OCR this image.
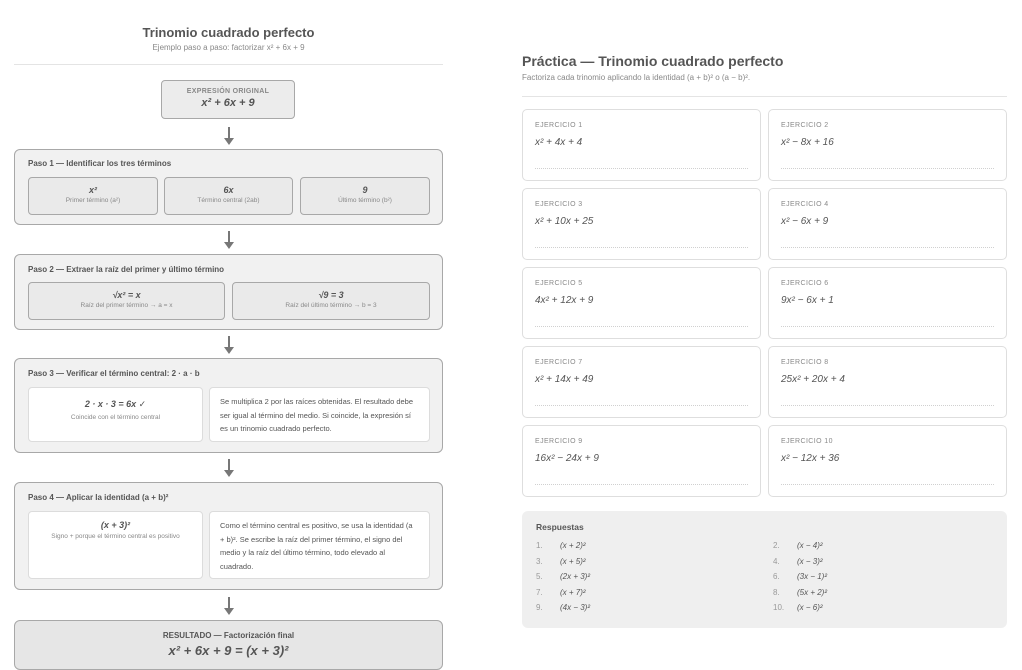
Trinomio cuadrado perfecto
Ejemplo paso a paso: factorizar x² + 6x + 9
EXPRESIÓN ORIGINAL
x² + 6x + 9
Paso 1 — Identificar los tres términos
x²
Primer término (a²)
6x
Término central (2ab)
9
Último término (b²)
Paso 2 — Extraer la raíz del primer y último término
√x² = x
Raíz del primer término → a = x
√9 = 3
Raíz del último término → b = 3
Paso 3 — Verificar el término central: 2 · a · b
2 · x · 3 = 6x ✓
Coincide con el término central
Se multiplica 2 por las raíces obtenidas. El resultado debe ser igual al término del medio. Si coincide, la expresión sí es un trinomio cuadrado perfecto.
Paso 4 — Aplicar la identidad (a + b)²
(x + 3)²
Signo + porque el término central es positivo
Como el término central es positivo, se usa la identidad (a + b)². Se escribe la raíz del primer término, el signo del medio y la raíz del último término, todo elevado al cuadrado.
RESULTADO — Factorización final
x² + 6x + 9 = (x + 3)²
Práctica — Trinomio cuadrado perfecto
Factoriza cada trinomio aplicando la identidad (a + b)² o (a − b)².
EJERCICIO 1
x² + 4x + 4
EJERCICIO 2
x² − 8x + 16
EJERCICIO 3
x² + 10x + 25
EJERCICIO 4
x² − 6x + 9
EJERCICIO 5
4x² + 12x + 9
EJERCICIO 6
9x² − 6x + 1
EJERCICIO 7
x² + 14x + 49
EJERCICIO 8
25x² + 20x + 4
EJERCICIO 9
16x² − 24x + 9
EJERCICIO 10
x² − 12x + 36
Respuestas
1. (x + 2)²	2. (x − 4)²
3. (x + 5)²	4. (x − 3)²
5. (2x + 3)²	6. (3x − 1)²
7. (x + 7)²	8. (5x + 2)²
9. (4x − 3)²	10. (x − 6)²
